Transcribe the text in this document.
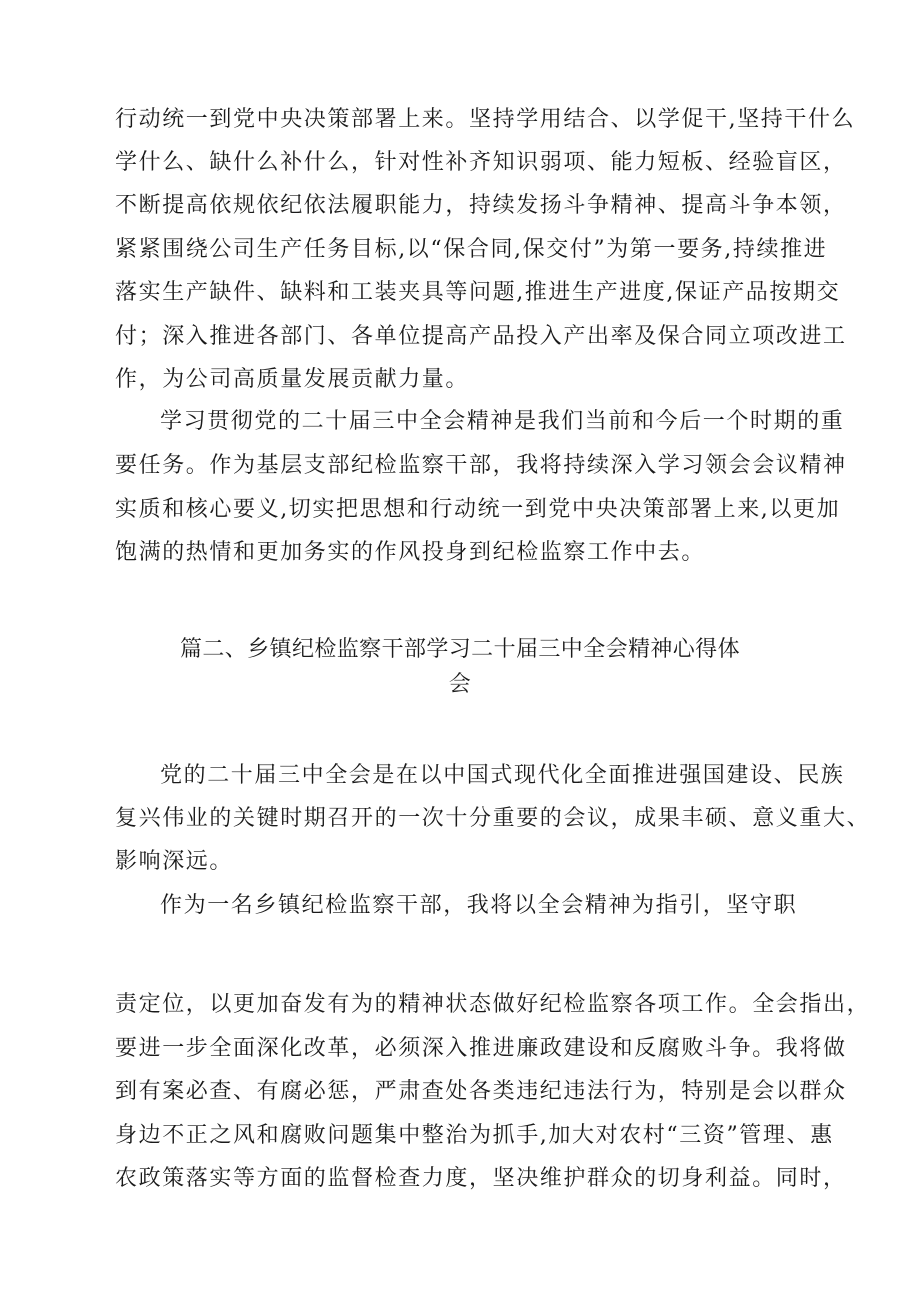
行动统一到党中央决策部署上来。坚持学用结合、以学促干,坚持干什么
学什么、缺什么补什么，针对性补齐知识弱项、能力短板、经验盲区，
不断提高依规依纪依法履职能力，持续发扬斗争精神、提高斗争本领，
紧紧围绕公司生产任务目标,以“保合同,保交付”为第一要务,持续推进
落实生产缺件、缺料和工装夹具等问题,推进生产进度,保证产品按期交
付；深入推进各部门、各单位提高产品投入产出率及保合同立项改进工
作，为公司高质量发展贡献力量。
学习贯彻党的二十届三中全会精神是我们当前和今后一个时期的重
要任务。作为基层支部纪检监察干部，我将持续深入学习领会会议精神
实质和核心要义,切实把思想和行动统一到党中央决策部署上来,以更加
饱满的热情和更加务实的作风投身到纪检监察工作中去。
篇二、乡镇纪检监察干部学习二十届三中全会精神心得体
会
党的二十届三中全会是在以中国式现代化全面推进强国建设、民族
复兴伟业的关键时期召开的一次十分重要的会议，成果丰硕、意义重大、
影响深远。
作为一名乡镇纪检监察干部，我将以全会精神为指引，坚守职
责定位，以更加奋发有为的精神状态做好纪检监察各项工作。全会指出，
要进一步全面深化改革，必须深入推进廉政建设和反腐败斗争。我将做
到有案必查、有腐必惩，严肃查处各类违纪违法行为，特别是会以群众
身边不正之风和腐败问题集中整治为抓手,加大对农村“三资”管理、惠
农政策落实等方面的监督检查力度，坚决维护群众的切身利益。同时，
